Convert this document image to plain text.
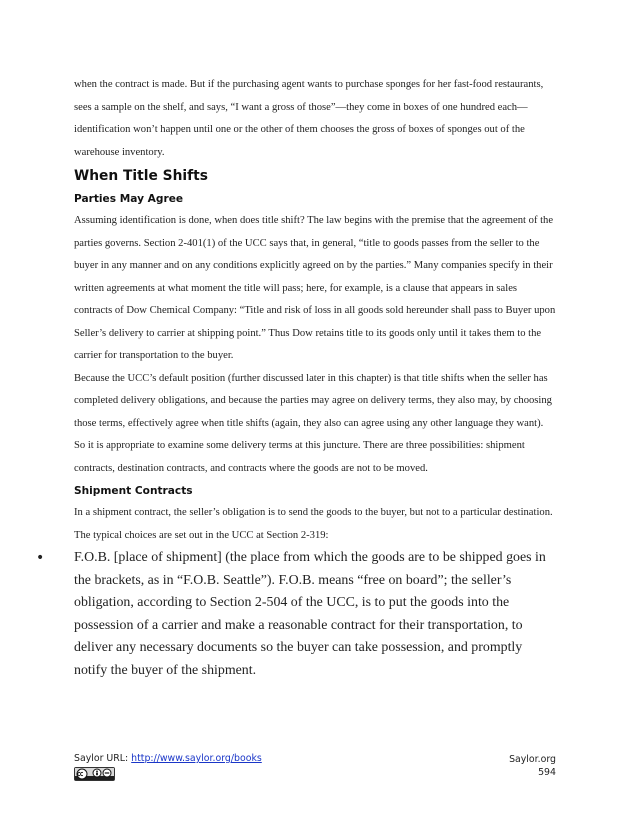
when the contract is made. But if the purchasing agent wants to purchase sponges for her fast-food restaurants, sees a sample on the shelf, and says, “I want a gross of those”—they come in boxes of one hundred each—identification won’t happen until one or the other of them chooses the gross of boxes of sponges out of the warehouse inventory.

When Title Shifts
Parties May Agree

Assuming identification is done, when does title shift? The law begins with the premise that the agreement of the parties governs. Section 2-401(1) of the UCC says that, in general, “title to goods passes from the seller to the buyer in any manner and on any conditions explicitly agreed on by the parties.” Many companies specify in their written agreements at what moment the title will pass; here, for example, is a clause that appears in sales contracts of Dow Chemical Company: “Title and risk of loss in all goods sold hereunder shall pass to Buyer upon Seller’s delivery to carrier at shipping point.” Thus Dow retains title to its goods only until it takes them to the carrier for transportation to the buyer.

Because the UCC’s default position (further discussed later in this chapter) is that title shifts when the seller has completed delivery obligations, and because the parties may agree on delivery terms, they also may, by choosing those terms, effectively agree when title shifts (again, they also can agree using any other language they want). So it is appropriate to examine some delivery terms at this juncture. There are three possibilities: shipment contracts, destination contracts, and contracts where the goods are not to be moved.

Shipment Contracts

In a shipment contract, the seller’s obligation is to send the goods to the buyer, but not to a particular destination. The typical choices are set out in the UCC at Section 2-319:

• F.O.B. [place of shipment] (the place from which the goods are to be shipped goes in the brackets, as in “F.O.B. Seattle”). F.O.B. means “free on board”; the seller’s obligation, according to Section 2-504 of the UCC, is to put the goods into the possession of a carrier and make a reasonable contract for their transportation, to deliver any necessary documents so the buyer can take possession, and promptly notify the buyer of the shipment.
Saylor URL: http://www.saylor.org/books	Saylor.org
594
